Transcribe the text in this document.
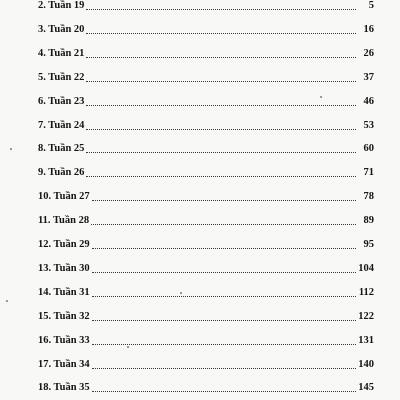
2. Tuần 19	5
3. Tuần 20	16
4. Tuần 21	26
5. Tuần 22	37
6. Tuần 23	46
7. Tuần 24	53
8. Tuần 25	60
9. Tuần 26	71
10. Tuần 27	78
11. Tuần 28	89
12. Tuần 29	95
13. Tuần 30	104
14. Tuần 31	112
15. Tuần 32	122
16. Tuần 33	131
17. Tuần 34	140
18. Tuần 35	145
